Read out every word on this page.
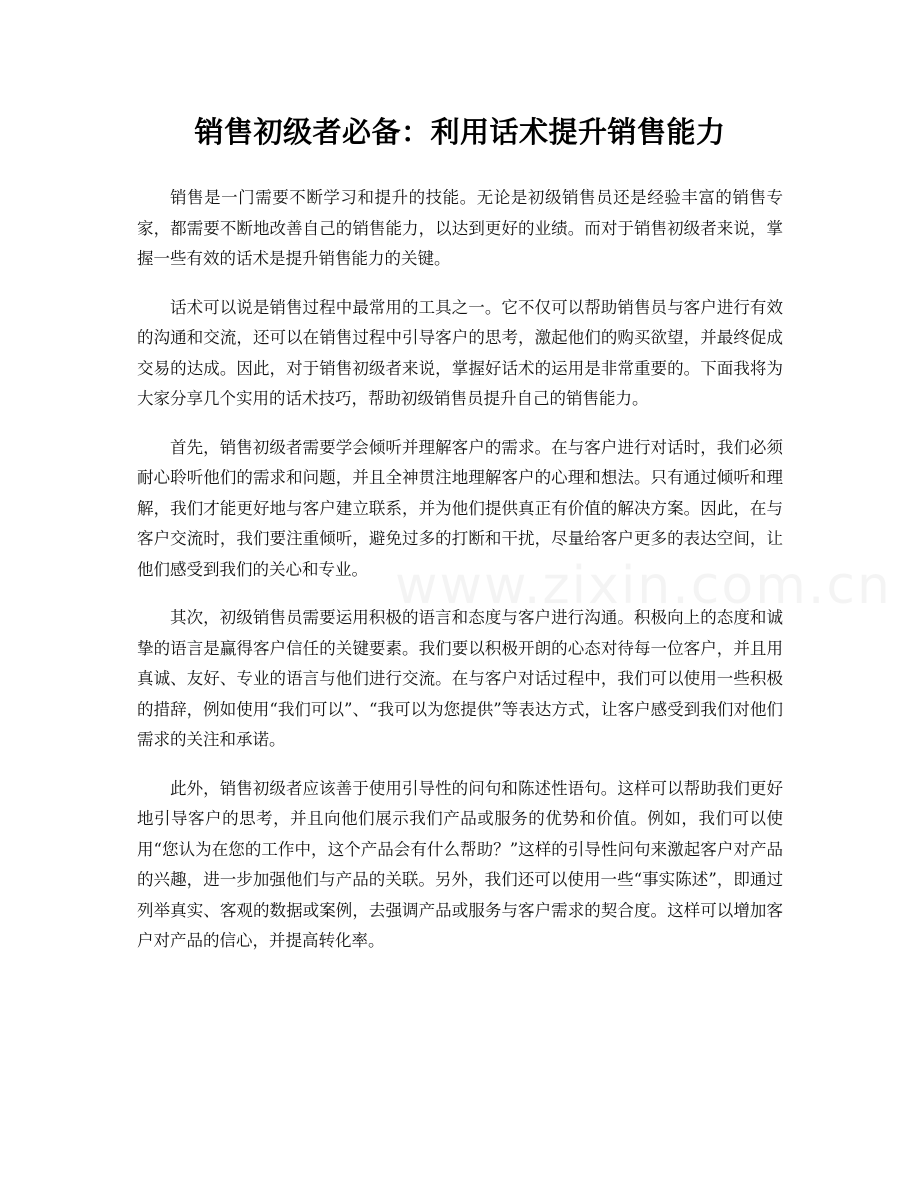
销售初级者必备：利用话术提升销售能力

销售是一门需要不断学习和提升的技能。无论是初级销售员还是经验丰富的销售专家，都需要不断地改善自己的销售能力，以达到更好的业绩。而对于销售初级者来说，掌握一些有效的话术是提升销售能力的关键。

话术可以说是销售过程中最常用的工具之一。它不仅可以帮助销售员与客户进行有效的沟通和交流，还可以在销售过程中引导客户的思考，激起他们的购买欲望，并最终促成交易的达成。因此，对于销售初级者来说，掌握好话术的运用是非常重要的。下面我将为大家分享几个实用的话术技巧，帮助初级销售员提升自己的销售能力。

首先，销售初级者需要学会倾听并理解客户的需求。在与客户进行对话时，我们必须耐心聆听他们的需求和问题，并且全神贯注地理解客户的心理和想法。只有通过倾听和理解，我们才能更好地与客户建立联系，并为他们提供真正有价值的解决方案。因此，在与客户交流时，我们要注重倾听，避免过多的打断和干扰，尽量给客户更多的表达空间，让他们感受到我们的关心和专业。

其次，初级销售员需要运用积极的语言和态度与客户进行沟通。积极向上的态度和诚挚的语言是赢得客户信任的关键要素。我们要以积极开朗的心态对待每一位客户，并且用真诚、友好、专业的语言与他们进行交流。在与客户对话过程中，我们可以使用一些积极的措辞，例如使用“我们可以”、“我可以为您提供”等表达方式，让客户感受到我们对他们需求的关注和承诺。

此外，销售初级者应该善于使用引导性的问句和陈述性语句。这样可以帮助我们更好地引导客户的思考，并且向他们展示我们产品或服务的优势和价值。例如，我们可以使用“您认为在您的工作中，这个产品会有什么帮助？”这样的引导性问句来激起客户对产品的兴趣，进一步加强他们与产品的关联。另外，我们还可以使用一些“事实陈述”，即通过列举真实、客观的数据或案例，去强调产品或服务与客户需求的契合度。这样可以增加客户对产品的信心，并提高转化率。
